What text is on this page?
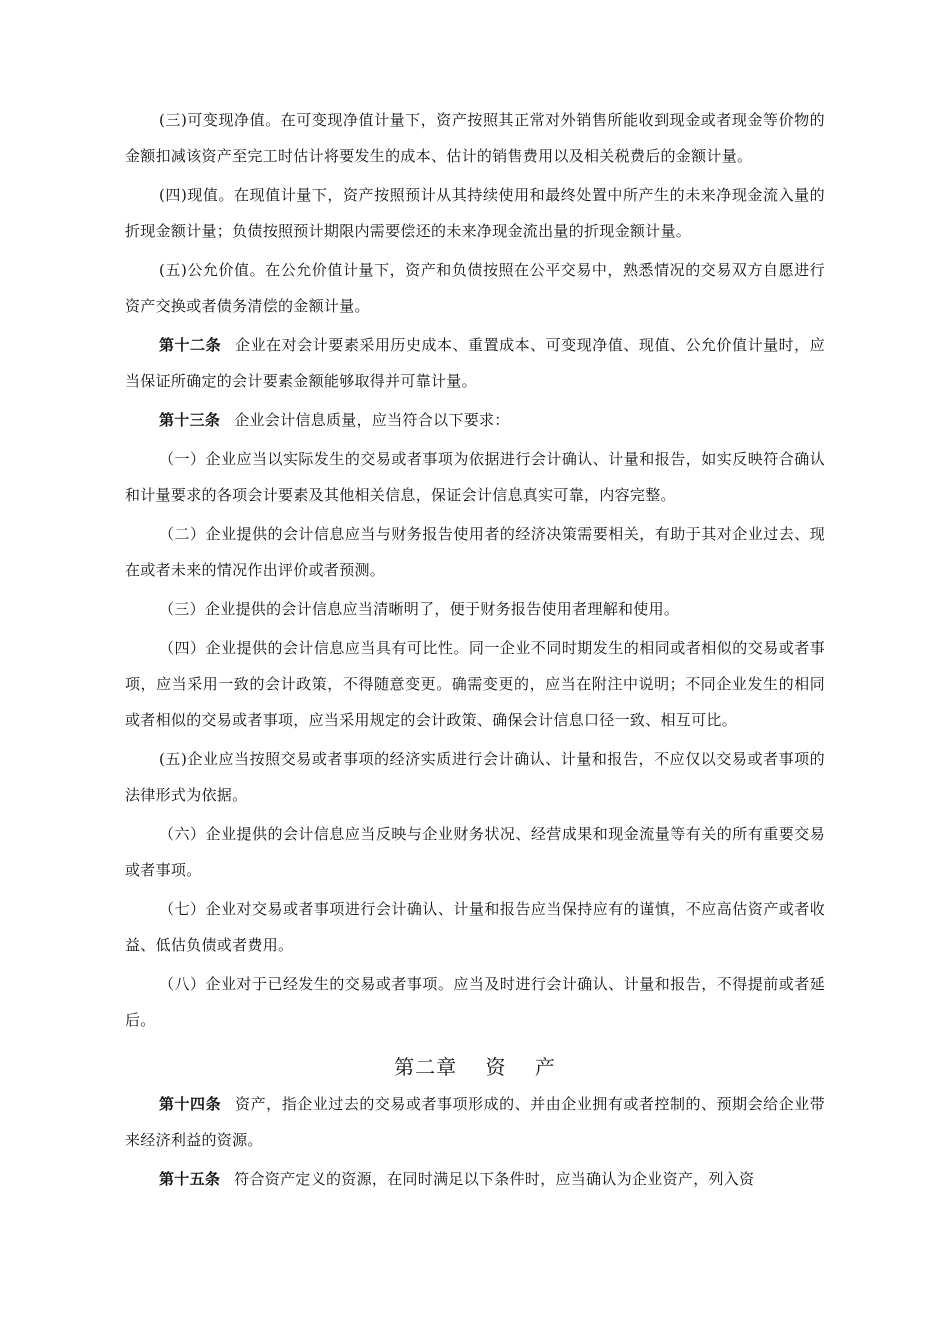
(三)可变现净值。在可变现净值计量下，资产按照其正常对外销售所能收到现金或者现金等价物的金额扣减该资产至完工时估计将要发生的成本、估计的销售费用以及相关税费后的金额计量。

(四)现值。在现值计量下，资产按照预计从其持续使用和最终处置中所产生的未来净现金流入量的折现金额计量；负债按照预计期限内需要偿还的未来净现金流出量的折现金额计量。

(五)公允价值。在公允价值计量下，资产和负债按照在公平交易中，熟悉情况的交易双方自愿进行资产交换或者债务清偿的金额计量。

第十二条 企业在对会计要素采用历史成本、重置成本、可变现净值、现值、公允价值计量时，应当保证所确定的会计要素金额能够取得并可靠计量。

第十三条 企业会计信息质量，应当符合以下要求：

（一）企业应当以实际发生的交易或者事项为依据进行会计确认、计量和报告，如实反映符合确认和计量要求的各项会计要素及其他相关信息，保证会计信息真实可靠，内容完整。

（二）企业提供的会计信息应当与财务报告使用者的经济决策需要相关，有助于其对企业过去、现在或者未来的情况作出评价或者预测。

（三）企业提供的会计信息应当清晰明了，便于财务报告使用者理解和使用。

（四）企业提供的会计信息应当具有可比性。同一企业不同时期发生的相同或者相似的交易或者事项，应当采用一致的会计政策，不得随意变更。确需变更的，应当在附注中说明；不同企业发生的相同或者相似的交易或者事项，应当采用规定的会计政策、确保会计信息口径一致、相互可比。

(五)企业应当按照交易或者事项的经济实质进行会计确认、计量和报告，不应仅以交易或者事项的法律形式为依据。

（六）企业提供的会计信息应当反映与企业财务状况、经营成果和现金流量等有关的所有重要交易或者事项。

（七）企业对交易或者事项进行会计确认、计量和报告应当保持应有的谨慎，不应高估资产或者收益、低估负债或者费用。

（八）企业对于已经发生的交易或者事项。应当及时进行会计确认、计量和报告，不得提前或者延后。

第二章　 资　 产

第十四条 资产，指企业过去的交易或者事项形成的、并由企业拥有或者控制的、预期会给企业带来经济利益的资源。

第十五条 符合资产定义的资源，在同时满足以下条件时，应当确认为企业资产，列入资
